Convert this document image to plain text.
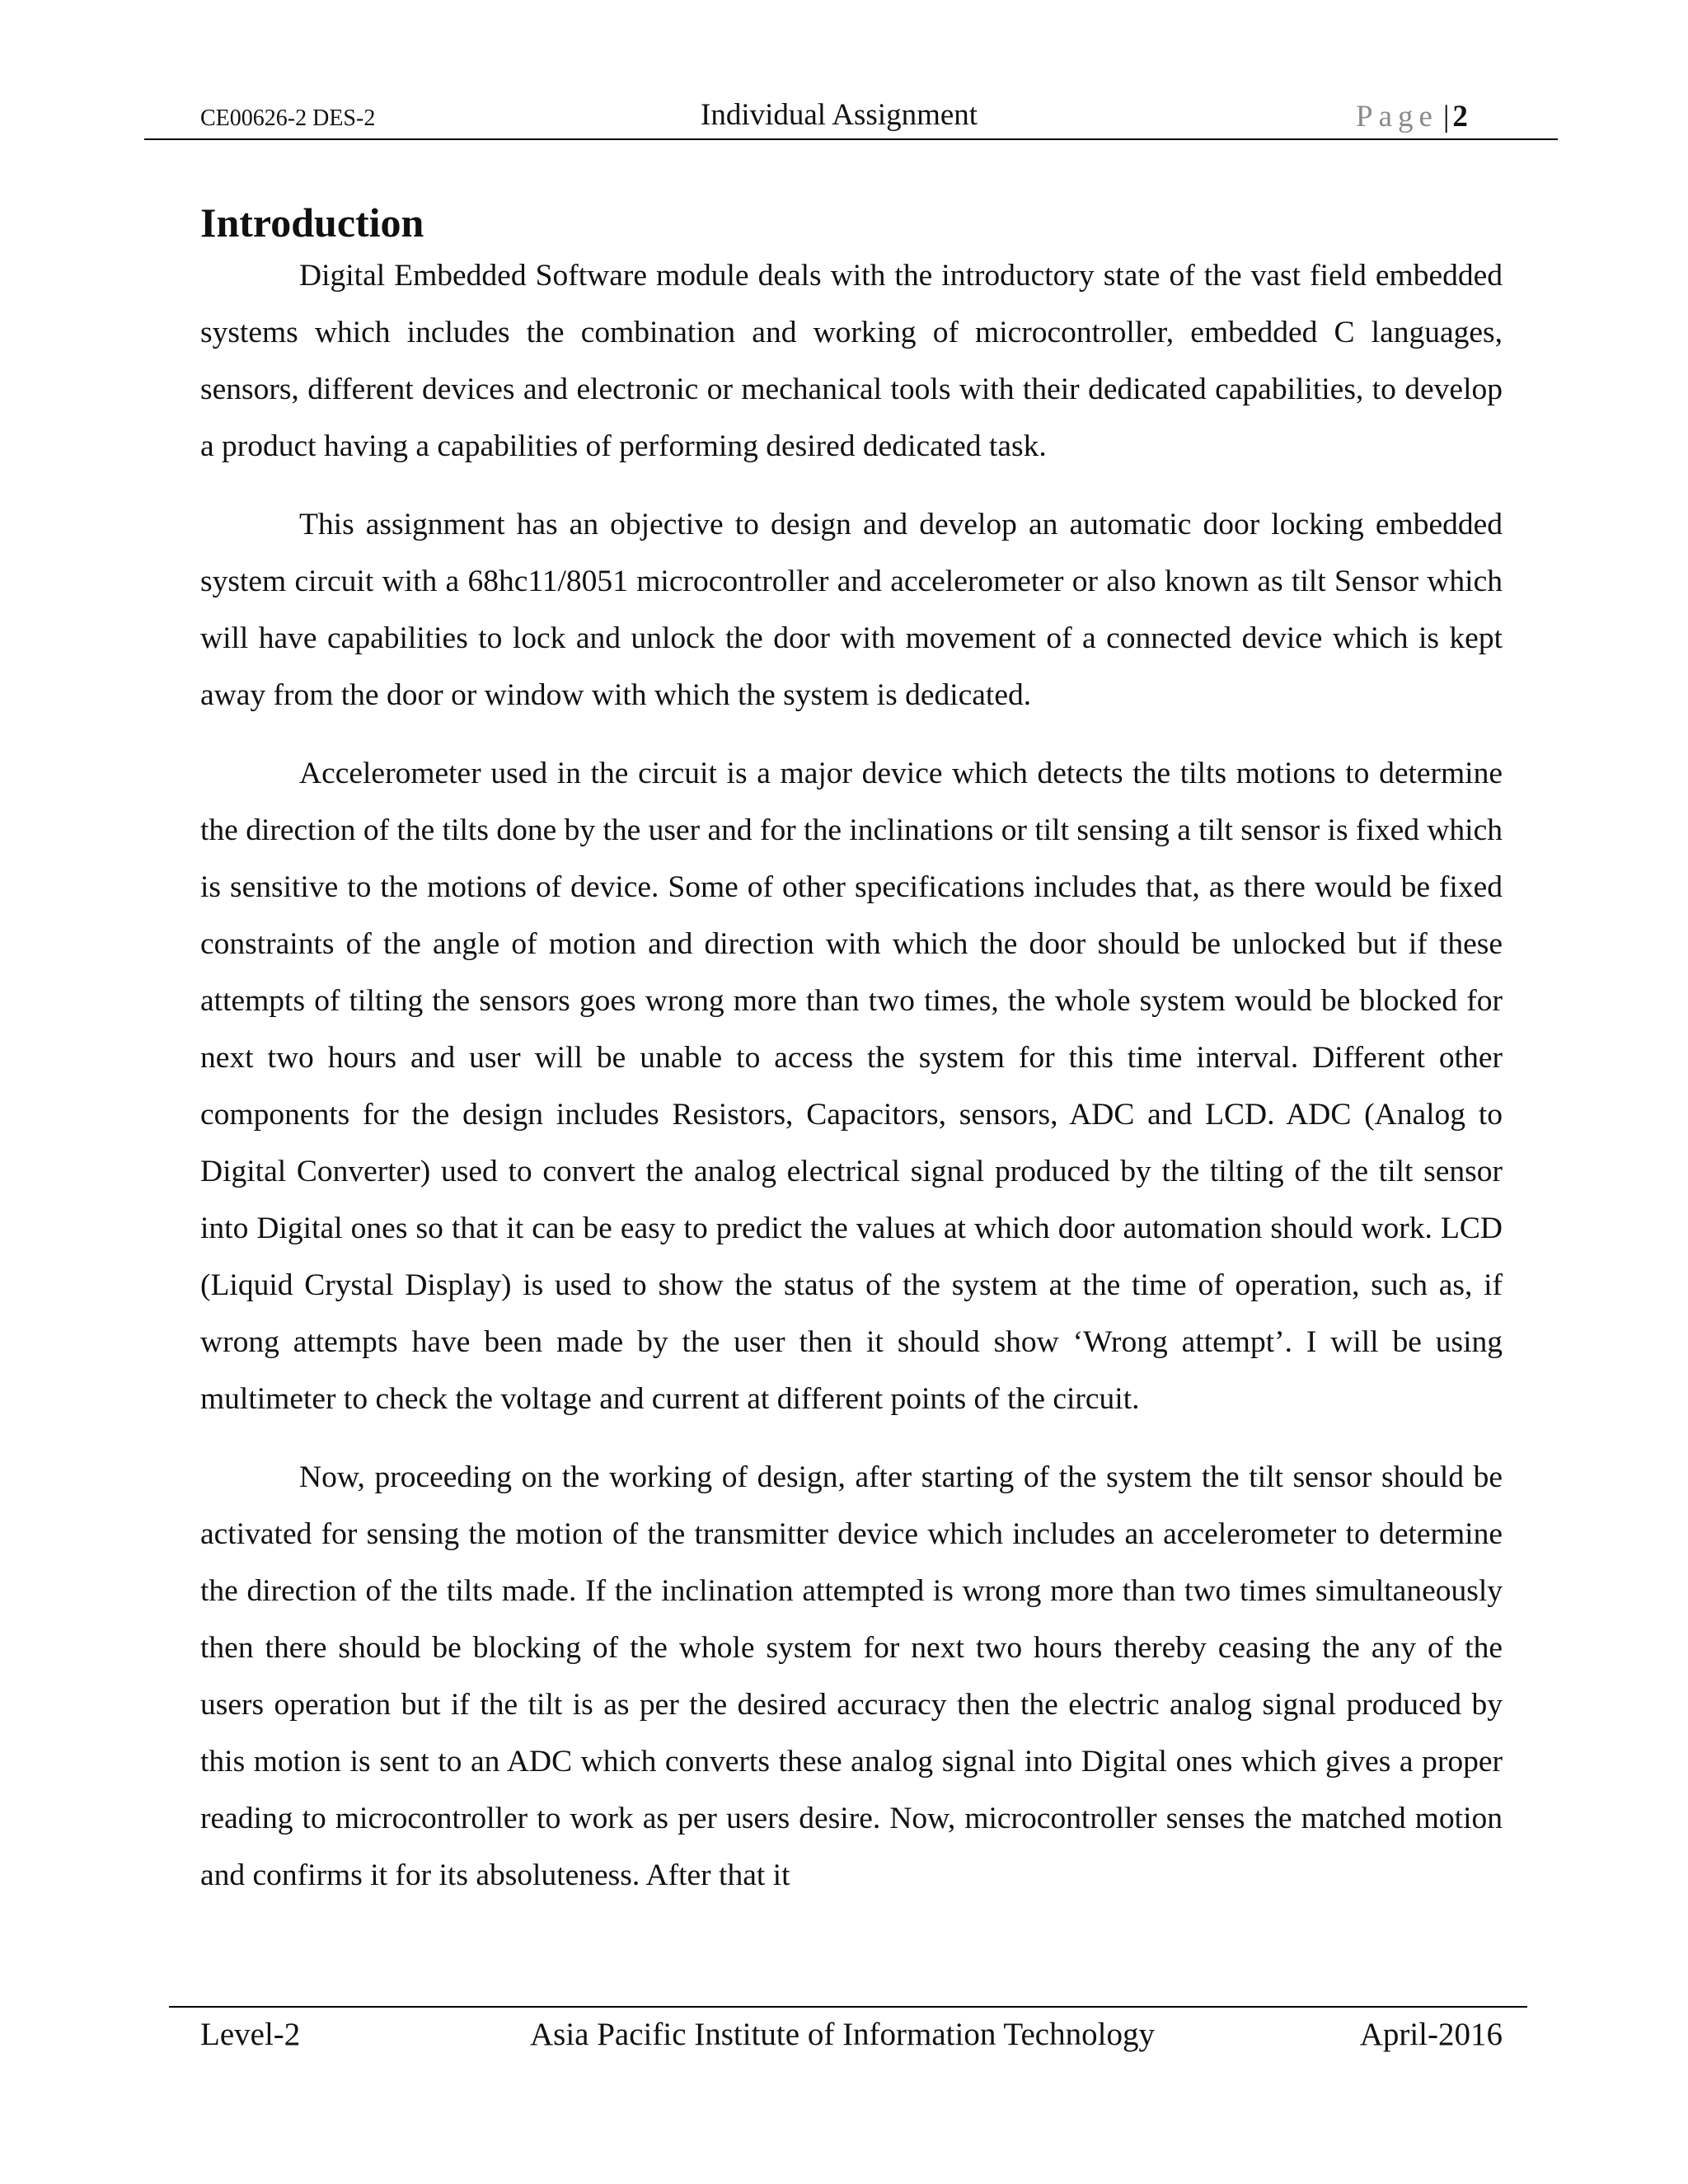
CE00626-2 DES-2	Individual Assignment	Page | 2
Introduction

Digital Embedded Software module deals with the introductory state of the vast field embedded systems which includes the combination and working of microcontroller, embedded C languages, sensors, different devices and electronic or mechanical tools with their dedicated capabilities, to develop a product having a capabilities of performing desired dedicated task.

This assignment has an objective to design and develop an automatic door locking embedded system circuit with a 68hc11/8051 microcontroller and accelerometer or also known as tilt Sensor which will have capabilities to lock and unlock the door with movement of a connected device which is kept away from the door or window with which the system is dedicated.

Accelerometer used in the circuit is a major device which detects the tilts motions to determine the direction of the tilts done by the user and for the inclinations or tilt sensing a tilt sensor is fixed which is sensitive to the motions of device. Some of other specifications includes that, as there would be fixed constraints of the angle of motion and direction with which the door should be unlocked but if these attempts of tilting the sensors goes wrong more than two times, the whole system would be blocked for next two hours and user will be unable to access the system for this time interval. Different other components for the design includes Resistors, Capacitors, sensors, ADC and LCD. ADC (Analog to Digital Converter) used to convert the analog electrical signal produced by the tilting of the tilt sensor into Digital ones so that it can be easy to predict the values at which door automation should work. LCD (Liquid Crystal Display) is used to show the status of the system at the time of operation, such as, if wrong attempts have been made by the user then it should show ‘Wrong attempt’. I will be using multimeter to check the voltage and current at different points of the circuit.

Now, proceeding on the working of design, after starting of the system the tilt sensor should be activated for sensing the motion of the transmitter device which includes an accelerometer to determine the direction of the tilts made. If the inclination attempted is wrong more than two times simultaneously then there should be blocking of the whole system for next two hours thereby ceasing the any of the users operation but if the tilt is as per the desired accuracy then the electric analog signal produced by this motion is sent to an ADC which converts these analog signal into Digital ones which gives a proper reading to microcontroller to work as per users desire. Now, microcontroller senses the matched motion and confirms it for its absoluteness. After that it

Level-2	Asia Pacific Institute of Information Technology	April-2016
